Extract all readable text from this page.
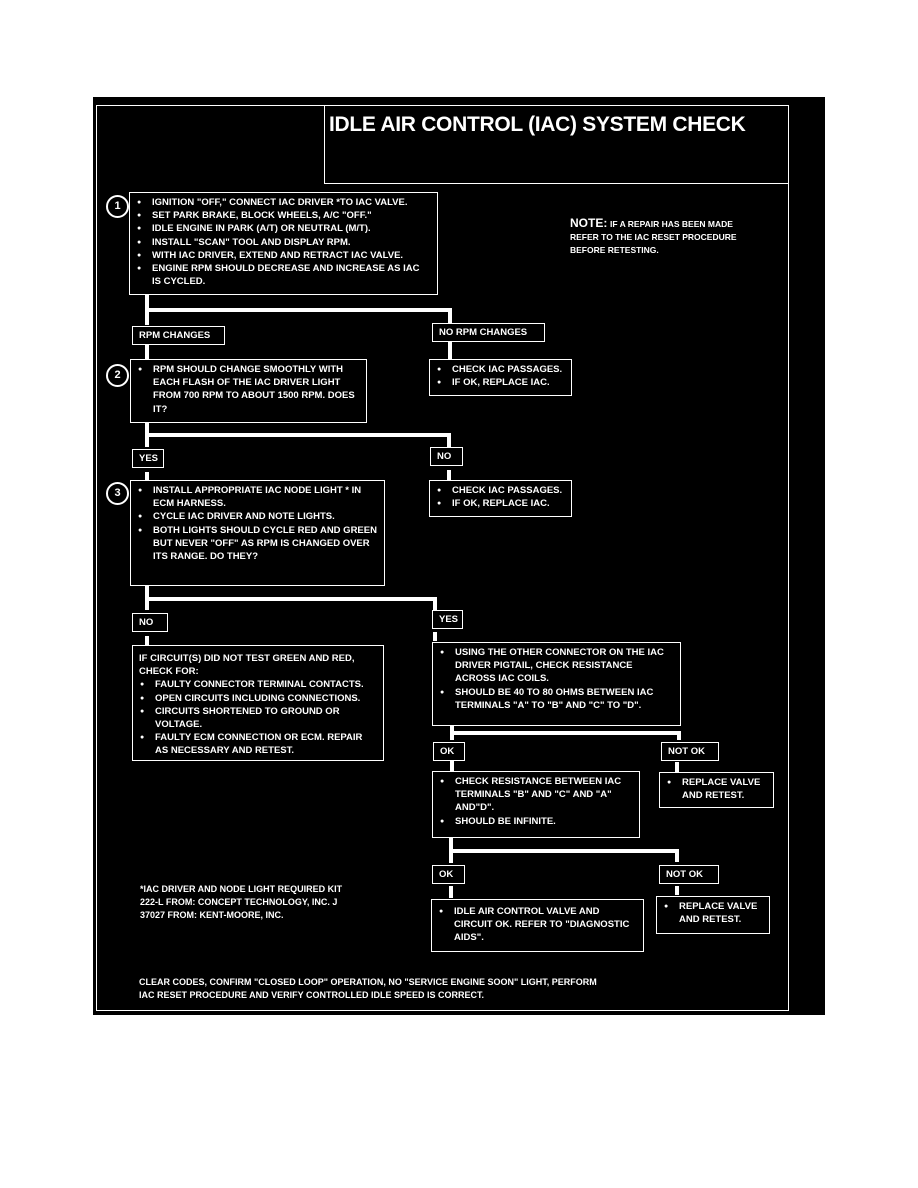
IDLE AIR CONTROL (IAC) SYSTEM CHECK
NOTE: IF A REPAIR HAS BEEN MADE REFER TO THE IAC RESET PROCEDURE BEFORE RETESTING.
1	● IGNITION "OFF," CONNECT IAC DRIVER *TO IAC VALVE.
● SET PARK BRAKE, BLOCK WHEELS, A/C "OFF."
● IDLE ENGINE IN PARK (A/T) OR NEUTRAL (M/T).
● INSTALL "SCAN" TOOL AND DISPLAY RPM.
● WITH IAC DRIVER, EXTEND AND RETRACT IAC VALVE.
● ENGINE RPM SHOULD DECREASE AND INCREASE AS IAC IS CYCLED.
RPM CHANGES	NO RPM CHANGES
2	● RPM SHOULD CHANGE SMOOTHLY WITH EACH FLASH OF THE IAC DRIVER LIGHT FROM 700 RPM TO ABOUT 1500 RPM. DOES IT?
● CHECK IAC PASSAGES.
● IF OK, REPLACE IAC.
YES	NO
3	● INSTALL APPROPRIATE IAC NODE LIGHT * IN ECM HARNESS.
● CYCLE IAC DRIVER AND NOTE LIGHTS.
● BOTH LIGHTS SHOULD CYCLE RED AND GREEN BUT NEVER "OFF" AS RPM IS CHANGED OVER ITS RANGE. DO THEY?
● CHECK IAC PASSAGES.
● IF OK, REPLACE IAC.
NO	YES
IF CIRCUIT(S) DID NOT TEST GREEN AND RED, CHECK FOR:
● FAULTY CONNECTOR TERMINAL CONTACTS.
● OPEN CIRCUITS INCLUDING CONNECTIONS.
● CIRCUITS SHORTENED TO GROUND OR VOLTAGE.
● FAULTY ECM CONNECTION OR ECM. REPAIR AS NECESSARY AND RETEST.
● USING THE OTHER CONNECTOR ON THE IAC DRIVER PIGTAIL, CHECK RESISTANCE ACROSS IAC COILS.
● SHOULD BE 40 TO 80 OHMS BETWEEN IAC TERMINALS "A" TO "B" AND "C" TO "D".
OK	NOT OK
● CHECK RESISTANCE BETWEEN IAC TERMINALS "B" AND "C" AND "A" AND"D".
● SHOULD BE INFINITE.
● REPLACE VALVE AND RETEST.
OK	NOT OK
● IDLE AIR CONTROL VALVE AND CIRCUIT OK. REFER TO "DIAGNOSTIC AIDS".
● REPLACE VALVE AND RETEST.
*IAC DRIVER AND NODE LIGHT REQUIRED KIT 222-L FROM: CONCEPT TECHNOLOGY, INC. J 37027 FROM: KENT-MOORE, INC.
CLEAR CODES, CONFIRM "CLOSED LOOP" OPERATION, NO "SERVICE ENGINE SOON" LIGHT, PERFORM IAC RESET PROCEDURE AND VERIFY CONTROLLED IDLE SPEED IS CORRECT.
